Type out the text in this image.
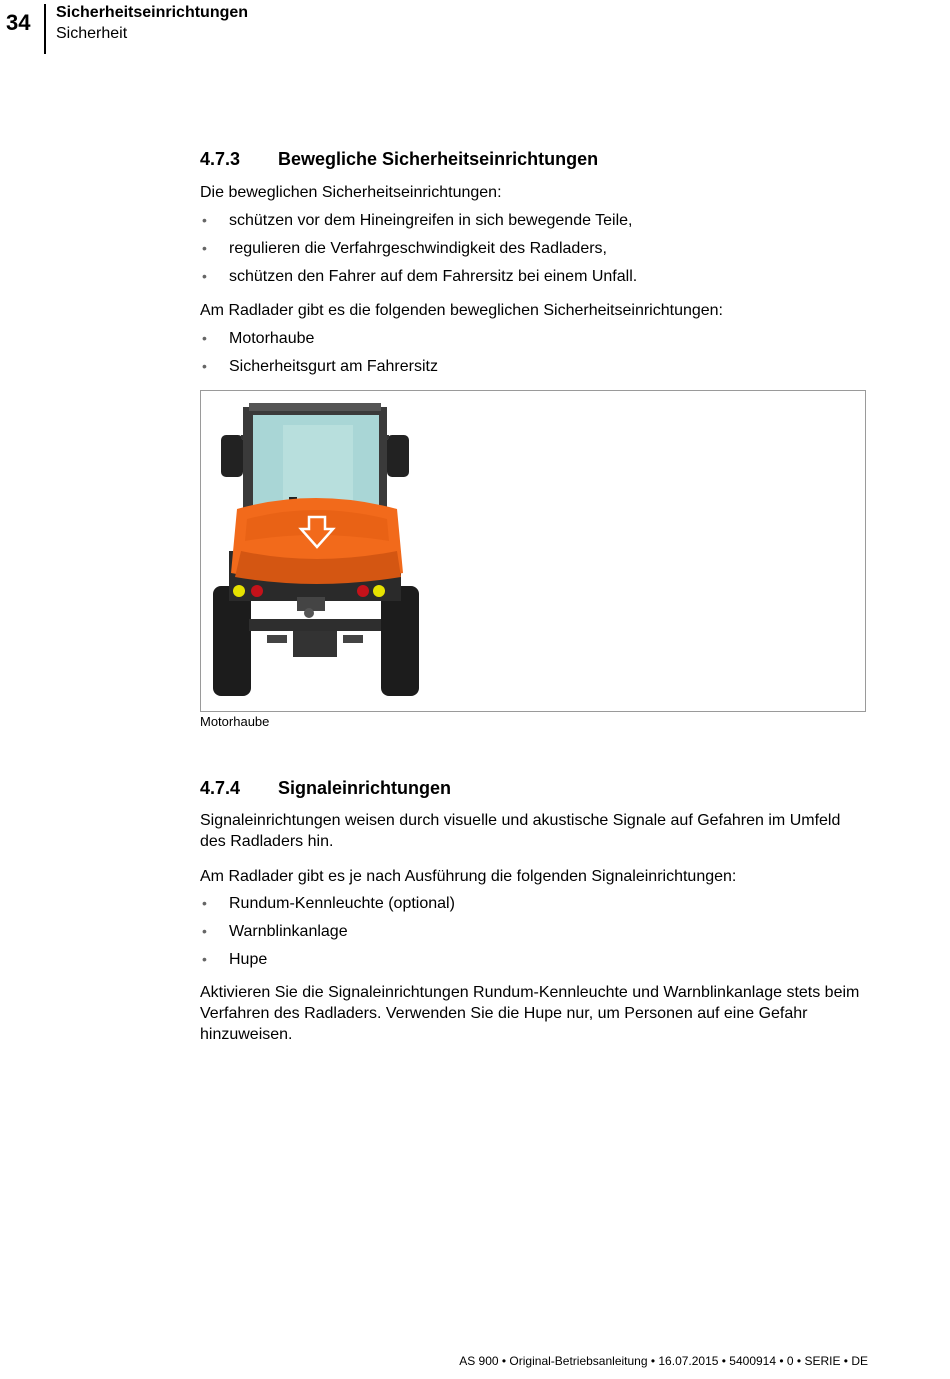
34 Sicherheitseinrichtungen
Sicherheit
4.7.3 Bewegliche Sicherheitseinrichtungen
Die beweglichen Sicherheitseinrichtungen:
• schützen vor dem Hineingreifen in sich bewegende Teile,
• regulieren die Verfahrgeschwindigkeit des Radladers,
• schützen den Fahrer auf dem Fahrersitz bei einem Unfall.
Am Radlader gibt es die folgenden beweglichen Sicherheitseinrichtungen:
• Motorhaube
• Sicherheitsgurt am Fahrersitz
Motorhaube
4.7.4 Signaleinrichtungen
Signaleinrichtungen weisen durch visuelle und akustische Signale auf Gefahren im Umfeld des Radladers hin.
Am Radlader gibt es je nach Ausführung die folgenden Signaleinrichtungen:
• Rundum-Kennleuchte (optional)
• Warnblinkanlage
• Hupe
Aktivieren Sie die Signaleinrichtungen Rundum-Kennleuchte und Warnblinkanlage stets beim Verfahren des Radladers. Verwenden Sie die Hupe nur, um Personen auf eine Gefahr hinzuweisen.
AS 900 • Original-Betriebsanleitung • 16.07.2015 • 5400914 • 0 • SERIE • DE
